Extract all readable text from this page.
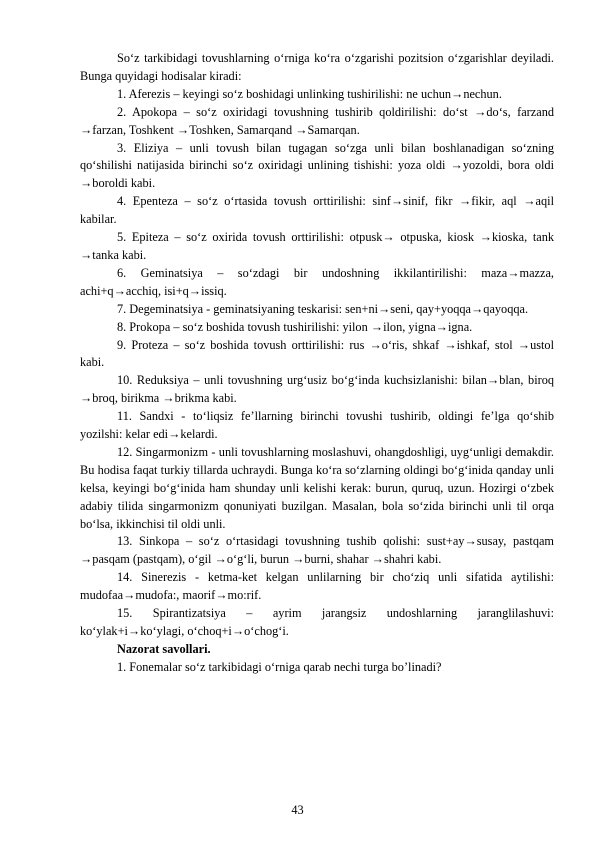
So‘z tarkibidagi tovushlarning o‘rniga ko‘ra o‘zgarishi pozitsion o‘zgarishlar deyiladi. Bunga quyidagi hodisalar kiradi:

1. Aferezis – keyingi so‘z boshidagi unlinking tushirilishi: ne uchun→nechun.

2. Apokopa – so‘z oxiridagi tovushning tushirib qoldirilishi: do‘st →do‘s, farzand →farzan, Toshkent →Toshken, Samarqand →Samarqan.

3. Eliziya – unli tovush bilan tugagan so‘zga unli bilan boshlanadigan so‘zning qo‘shilishi natijasida birinchi so‘z oxiridagi unlining tishishi: yoza oldi →yozoldi, bora oldi →boroldi kabi.

4. Epenteza – so‘z o‘rtasida tovush orttirilishi: sinf→sinif, fikr →fikir, aql →aqil kabilar.

5. Epiteza – so‘z oxirida tovush orttirilishi: otpusk→ otpuska, kiosk →kioska, tank →tanka kabi.

6. Geminatsiya – so‘zdagi bir undoshning ikkilantirilishi: maza→mazza, achi+q→acchiq, isi+q→issiq.

7. Degeminatsiya - geminatsiyaning teskarisi: sen+ni→seni, qay+yoqqa→qayoqqa.

8. Prokopa – so‘z boshida tovush tushirilishi: yilon →ilon, yigna→igna.

9. Proteza – so‘z boshida tovush orttirilishi: rus →o‘ris, shkaf →ishkaf, stol →ustol kabi.

10. Reduksiya – unli tovushning urg‘usiz bo‘g‘inda kuchsizlanishi: bilan→blan, biroq →broq, birikma →brikma kabi.

11. Sandxi - to‘liqsiz fe’llarning birinchi tovushi tushirib, oldingi fe’lga qo‘shib yozilshi: kelar edi→kelardi.

12. Singarmonizm - unli tovushlarning moslashuvi, ohangdoshligi, uyg‘unligi demakdir. Bu hodisa faqat turkiy tillarda uchraydi. Bunga ko‘ra so‘zlarning oldingi bo‘g‘inida qanday unli kelsa, keyingi bo‘g‘inida ham shunday unli kelishi kerak: burun, quruq, uzun. Hozirgi o‘zbek adabiy tilida singarmonizm qonuniyati buzilgan. Masalan, bola so‘zida birinchi unli til orqa bo‘lsa, ikkinchisi til oldi unli.

13. Sinkopa – so‘z o‘rtasidagi tovushning tushib qolishi: sust+ay→susay, pastqam →pasqam (pastqam), o‘gil →o‘g‘li, burun →burni, shahar →shahri kabi.

14. Sinerezis - ketma-ket kelgan unlilarning bir cho‘ziq unli sifatida aytilishi: mudofaa→mudofa:, maorif→mo:rif.

15. Spirantizatsiya – ayrim jarangsiz undoshlarning jaranglilashuvi: ko‘ylak+i→ko‘ylagi, o‘choq+i→o‘chog‘i.

Nazorat savollari.

1. Fonemalar so‘z tarkibidagi o‘rniga qarab nechi turga bo’linadi?

43
